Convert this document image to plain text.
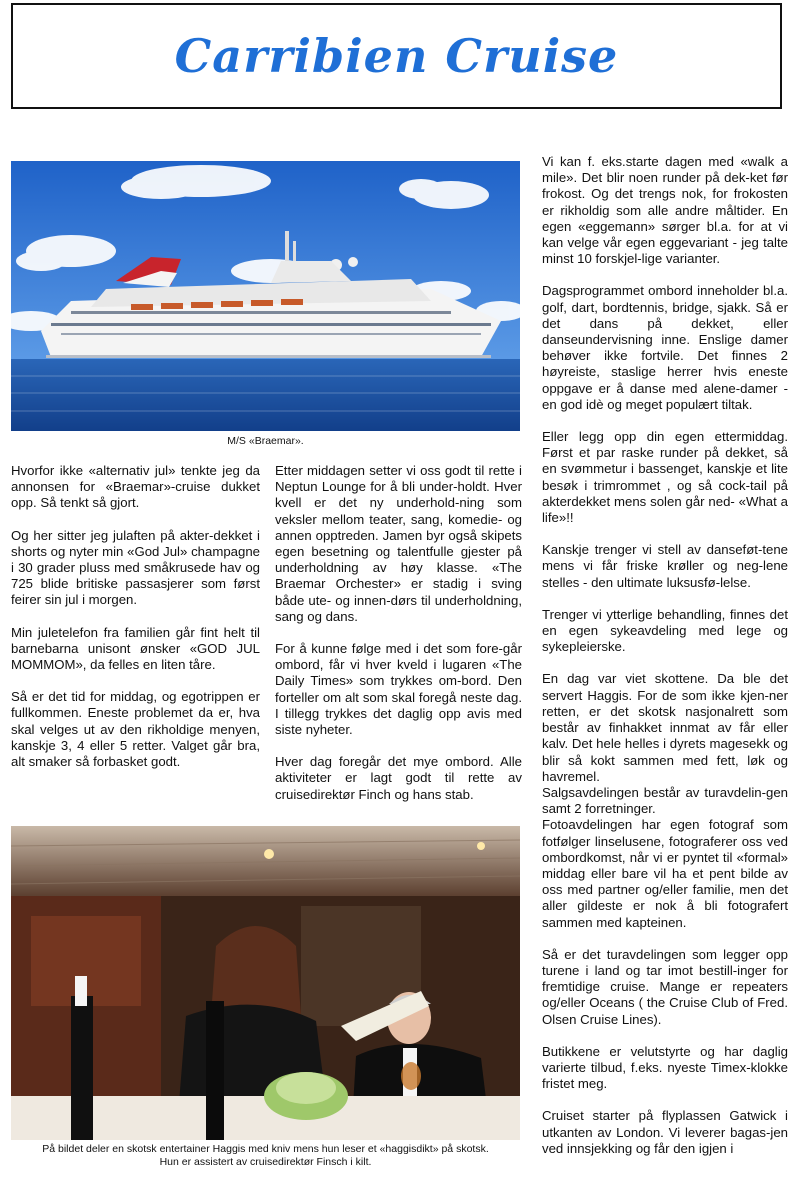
Carribien Cruise
M/S «Braemar».

Hvorfor ikke «alternativ jul» tenkte jeg da annonsen for «Braemar»-cruise dukket opp. Så tenkt så gjort.

Og her sitter jeg julaften på akter-dekket i shorts og nyter min «God Jul» champagne i 30 grader pluss med småkrusede hav og 725 blide britiske passasjerer som først feirer sin jul i morgen.

Min juletelefon fra familien går fint helt til barnebarna unisont ønsker «GOD JUL MOMMOM», da felles en liten tåre.

Så er det tid for middag, og egotrippen er fullkommen. Eneste problemet da er, hva skal velges ut av den rikholdige menyen, kanskje 3, 4 eller 5 retter. Valget går bra, alt smaker så forbasket godt.

Etter middagen setter vi oss godt til rette i Neptun Lounge for å bli under-holdt. Hver kvell er det ny underhold-ning som veksler mellom teater, sang, komedie- og annen opptreden. Jamen byr også skipets egen besetning og talentfulle gjester på underholdning av høy klasse. «The Braemar Orchester» er stadig i sving både ute- og innen-dørs til underholdning, sang og dans.

For å kunne følge med i det som fore-går ombord, får vi hver kveld i lugaren «The Daily Times» som trykkes om-bord. Den forteller om alt som skal foregå neste dag. I tillegg trykkes det daglig opp avis med siste nyheter.

Hver dag foregår det mye ombord. Alle aktiviteter er lagt godt til rette av cruisedirektør Finch og hans stab.

På bildet deler en skotsk entertainer Haggis med kniv mens hun leser et «haggisdikt» på skotsk.
Hun er assistert av cruisedirektør Finsch i kilt.

Vi kan f. eks.starte dagen med «walk a mile». Det blir noen runder på dek-ket før frokost. Og det trengs nok, for frokosten er rikholdig som alle andre måltider. En egen «eggemann» sørger bl.a. for at vi kan velge vår egen eggevariant - jeg talte minst 10 forskjel-lige varianter.

Dagsprogrammet ombord inneholder bl.a. golf, dart, bordtennis, bridge, sjakk. Så er det dans på dekket, eller danseundervisning inne. Enslige damer behøver ikke fortvile. Det finnes 2 høyreiste, staslige herrer hvis eneste oppgave er å danse med alene-damer - en god idè og meget populært tiltak.

Eller legg opp din egen ettermiddag. Først et par raske runder på dekket, så en svømmetur i bassenget, kanskje et lite besøk i trimrommet , og så cock-tail på akterdekket mens solen går ned- «What a life»!!

Kanskje trenger vi stell av danseføt-tene mens vi får friske krøller og neg-lene stelles - den ultimate luksusfø-lelse.

Trenger vi ytterlige behandling, finnes det en egen sykeavdeling med lege og sykepleierske.

En dag var viet skottene. Da ble det servert Haggis. For de som ikke kjen-ner retten, er det skotsk nasjonalrett som består av finhakket innmat av får eller kalv. Det hele helles i dyrets magesekk og blir så kokt sammen med fett, løk og havremel.

Salgsavdelingen består av turavdelin-gen samt 2 forretninger.

Fotoavdelingen har egen fotograf som fotfølger linselusene, fotograferer oss ved ombordkomst, når vi er pyntet til «formal» middag eller bare vil ha et pent bilde av oss med partner og/eller familie, men det aller gildeste er nok å bli fotografert sammen med kapteinen.

Så er det turavdelingen som legger opp turene i land og tar imot bestill-inger for fremtidige cruise. Mange er repeaters og/eller Oceans ( the Cruise Club of Fred. Olsen Cruise Lines).

Butikkene er velutstyrte og har daglig varierte tilbud, f.eks. nyeste Timex-klokke fristet meg.

Cruiset starter på flyplassen Gatwick i utkanten av London. Vi leverer bagas-jen ved innsjekking og får den igjen i
